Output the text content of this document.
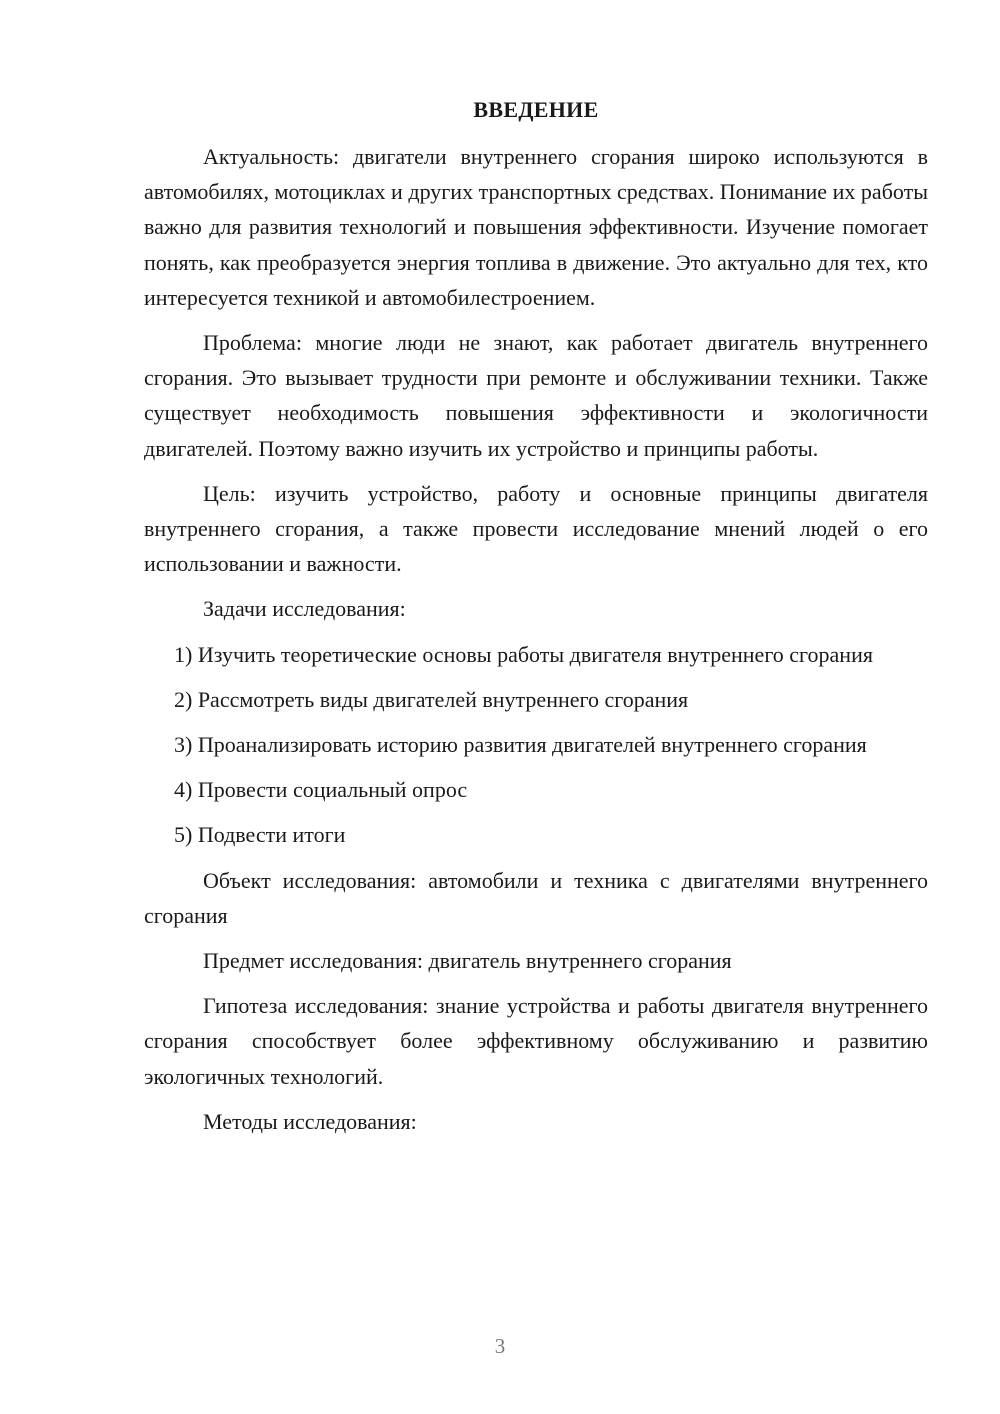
ВВЕДЕНИЕ

Актуальность: двигатели внутреннего сгорания широко используются в автомобилях, мотоциклах и других транспортных средствах. Понимание их работы важно для развития технологий и повышения эффективности. Изучение помогает понять, как преобразуется энергия топлива в движение. Это актуально для тех, кто интересуется техникой и автомобилестроением.

Проблема: многие люди не знают, как работает двигатель внутреннего сгорания. Это вызывает трудности при ремонте и обслуживании техники. Также существует необходимость повышения эффективности и экологичности двигателей. Поэтому важно изучить их устройство и принципы работы.

Цель: изучить устройство, работу и основные принципы двигателя внутреннего сгорания, а также провести исследование мнений людей о его использовании и важности.

Задачи исследования:

1) Изучить теоретические основы работы двигателя внутреннего сгорания

2) Рассмотреть виды двигателей внутреннего сгорания

3) Проанализировать историю развития двигателей внутреннего сгорания

4) Провести социальный опрос

5) Подвести итоги

Объект исследования: автомобили и техника с двигателями внутреннего сгорания

Предмет исследования: двигатель внутреннего сгорания

Гипотеза исследования: знание устройства и работы двигателя внутреннего сгорания способствует более эффективному обслуживанию и развитию экологичных технологий.

Методы исследования:

3
